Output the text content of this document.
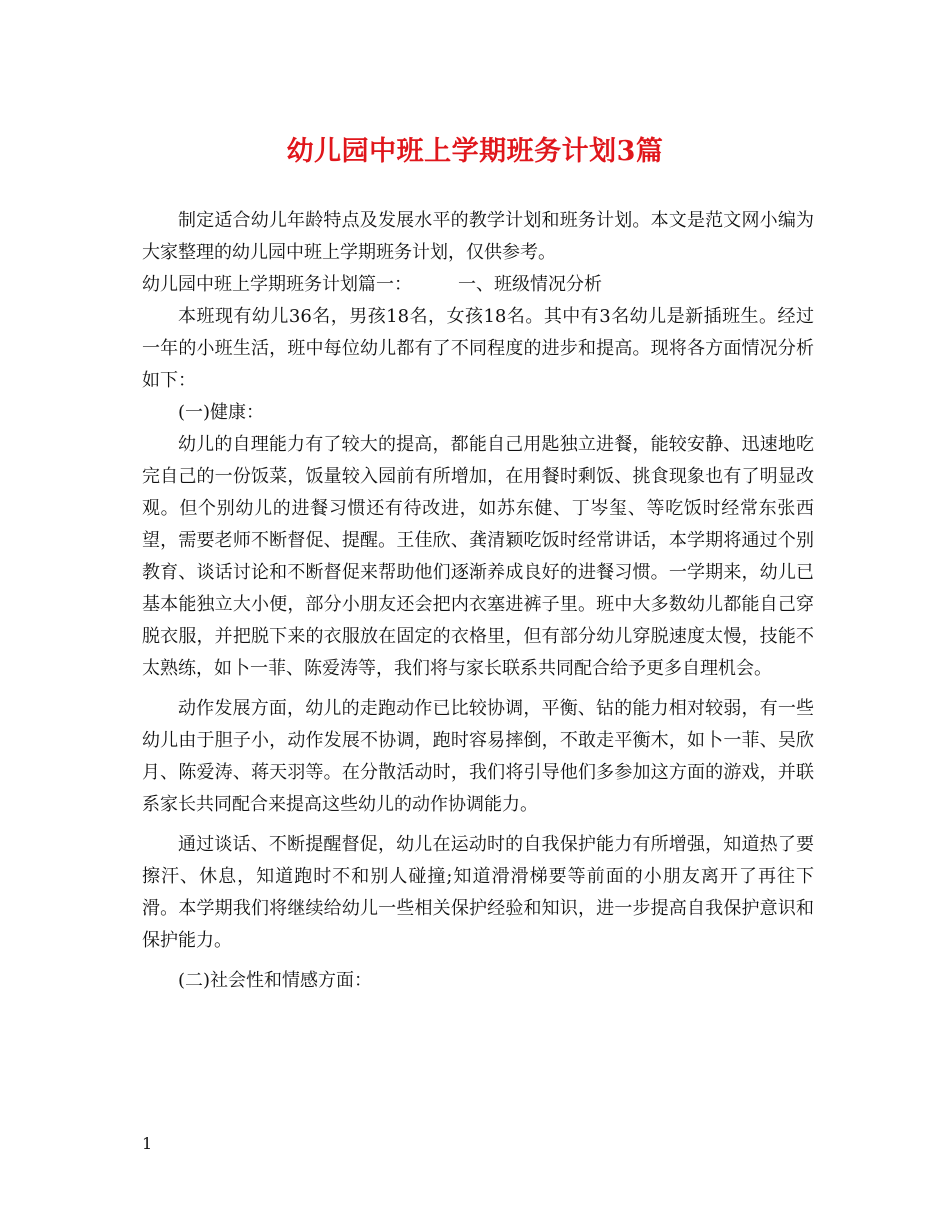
幼儿园中班上学期班务计划3篇

制定适合幼儿年龄特点及发展水平的教学计划和班务计划。本文是范文网小编为大家整理的幼儿园中班上学期班务计划，仅供参考。

幼儿园中班上学期班务计划篇一：	一、班级情况分析

本班现有幼儿36名，男孩18名，女孩18名。其中有3名幼儿是新插班生。经过一年的小班生活，班中每位幼儿都有了不同程度的进步和提高。现将各方面情况分析如下：

(一)健康：

幼儿的自理能力有了较大的提高，都能自己用匙独立进餐，能较安静、迅速地吃完自己的一份饭菜，饭量较入园前有所增加，在用餐时剩饭、挑食现象也有了明显改观。但个别幼儿的进餐习惯还有待改进，如苏东健、丁岑玺、等吃饭时经常东张西望，需要老师不断督促、提醒。王佳欣、龚清颖吃饭时经常讲话，本学期将通过个别教育、谈话讨论和不断督促来帮助他们逐渐养成良好的进餐习惯。一学期来，幼儿已基本能独立大小便，部分小朋友还会把内衣塞进裤子里。班中大多数幼儿都能自己穿脱衣服，并把脱下来的衣服放在固定的衣格里，但有部分幼儿穿脱速度太慢，技能不太熟练，如卜一菲、陈爱涛等，我们将与家长联系共同配合给予更多自理机会。

动作发展方面，幼儿的走跑动作已比较协调，平衡、钻的能力相对较弱，有一些幼儿由于胆子小，动作发展不协调，跑时容易摔倒，不敢走平衡木，如卜一菲、吴欣月、陈爱涛、蒋天羽等。在分散活动时，我们将引导他们多参加这方面的游戏，并联系家长共同配合来提高这些幼儿的动作协调能力。

通过谈话、不断提醒督促，幼儿在运动时的自我保护能力有所增强，知道热了要擦汗、休息，知道跑时不和别人碰撞;知道滑滑梯要等前面的小朋友离开了再往下滑。本学期我们将继续给幼儿一些相关保护经验和知识，进一步提高自我保护意识和保护能力。

(二)社会性和情感方面：

1
